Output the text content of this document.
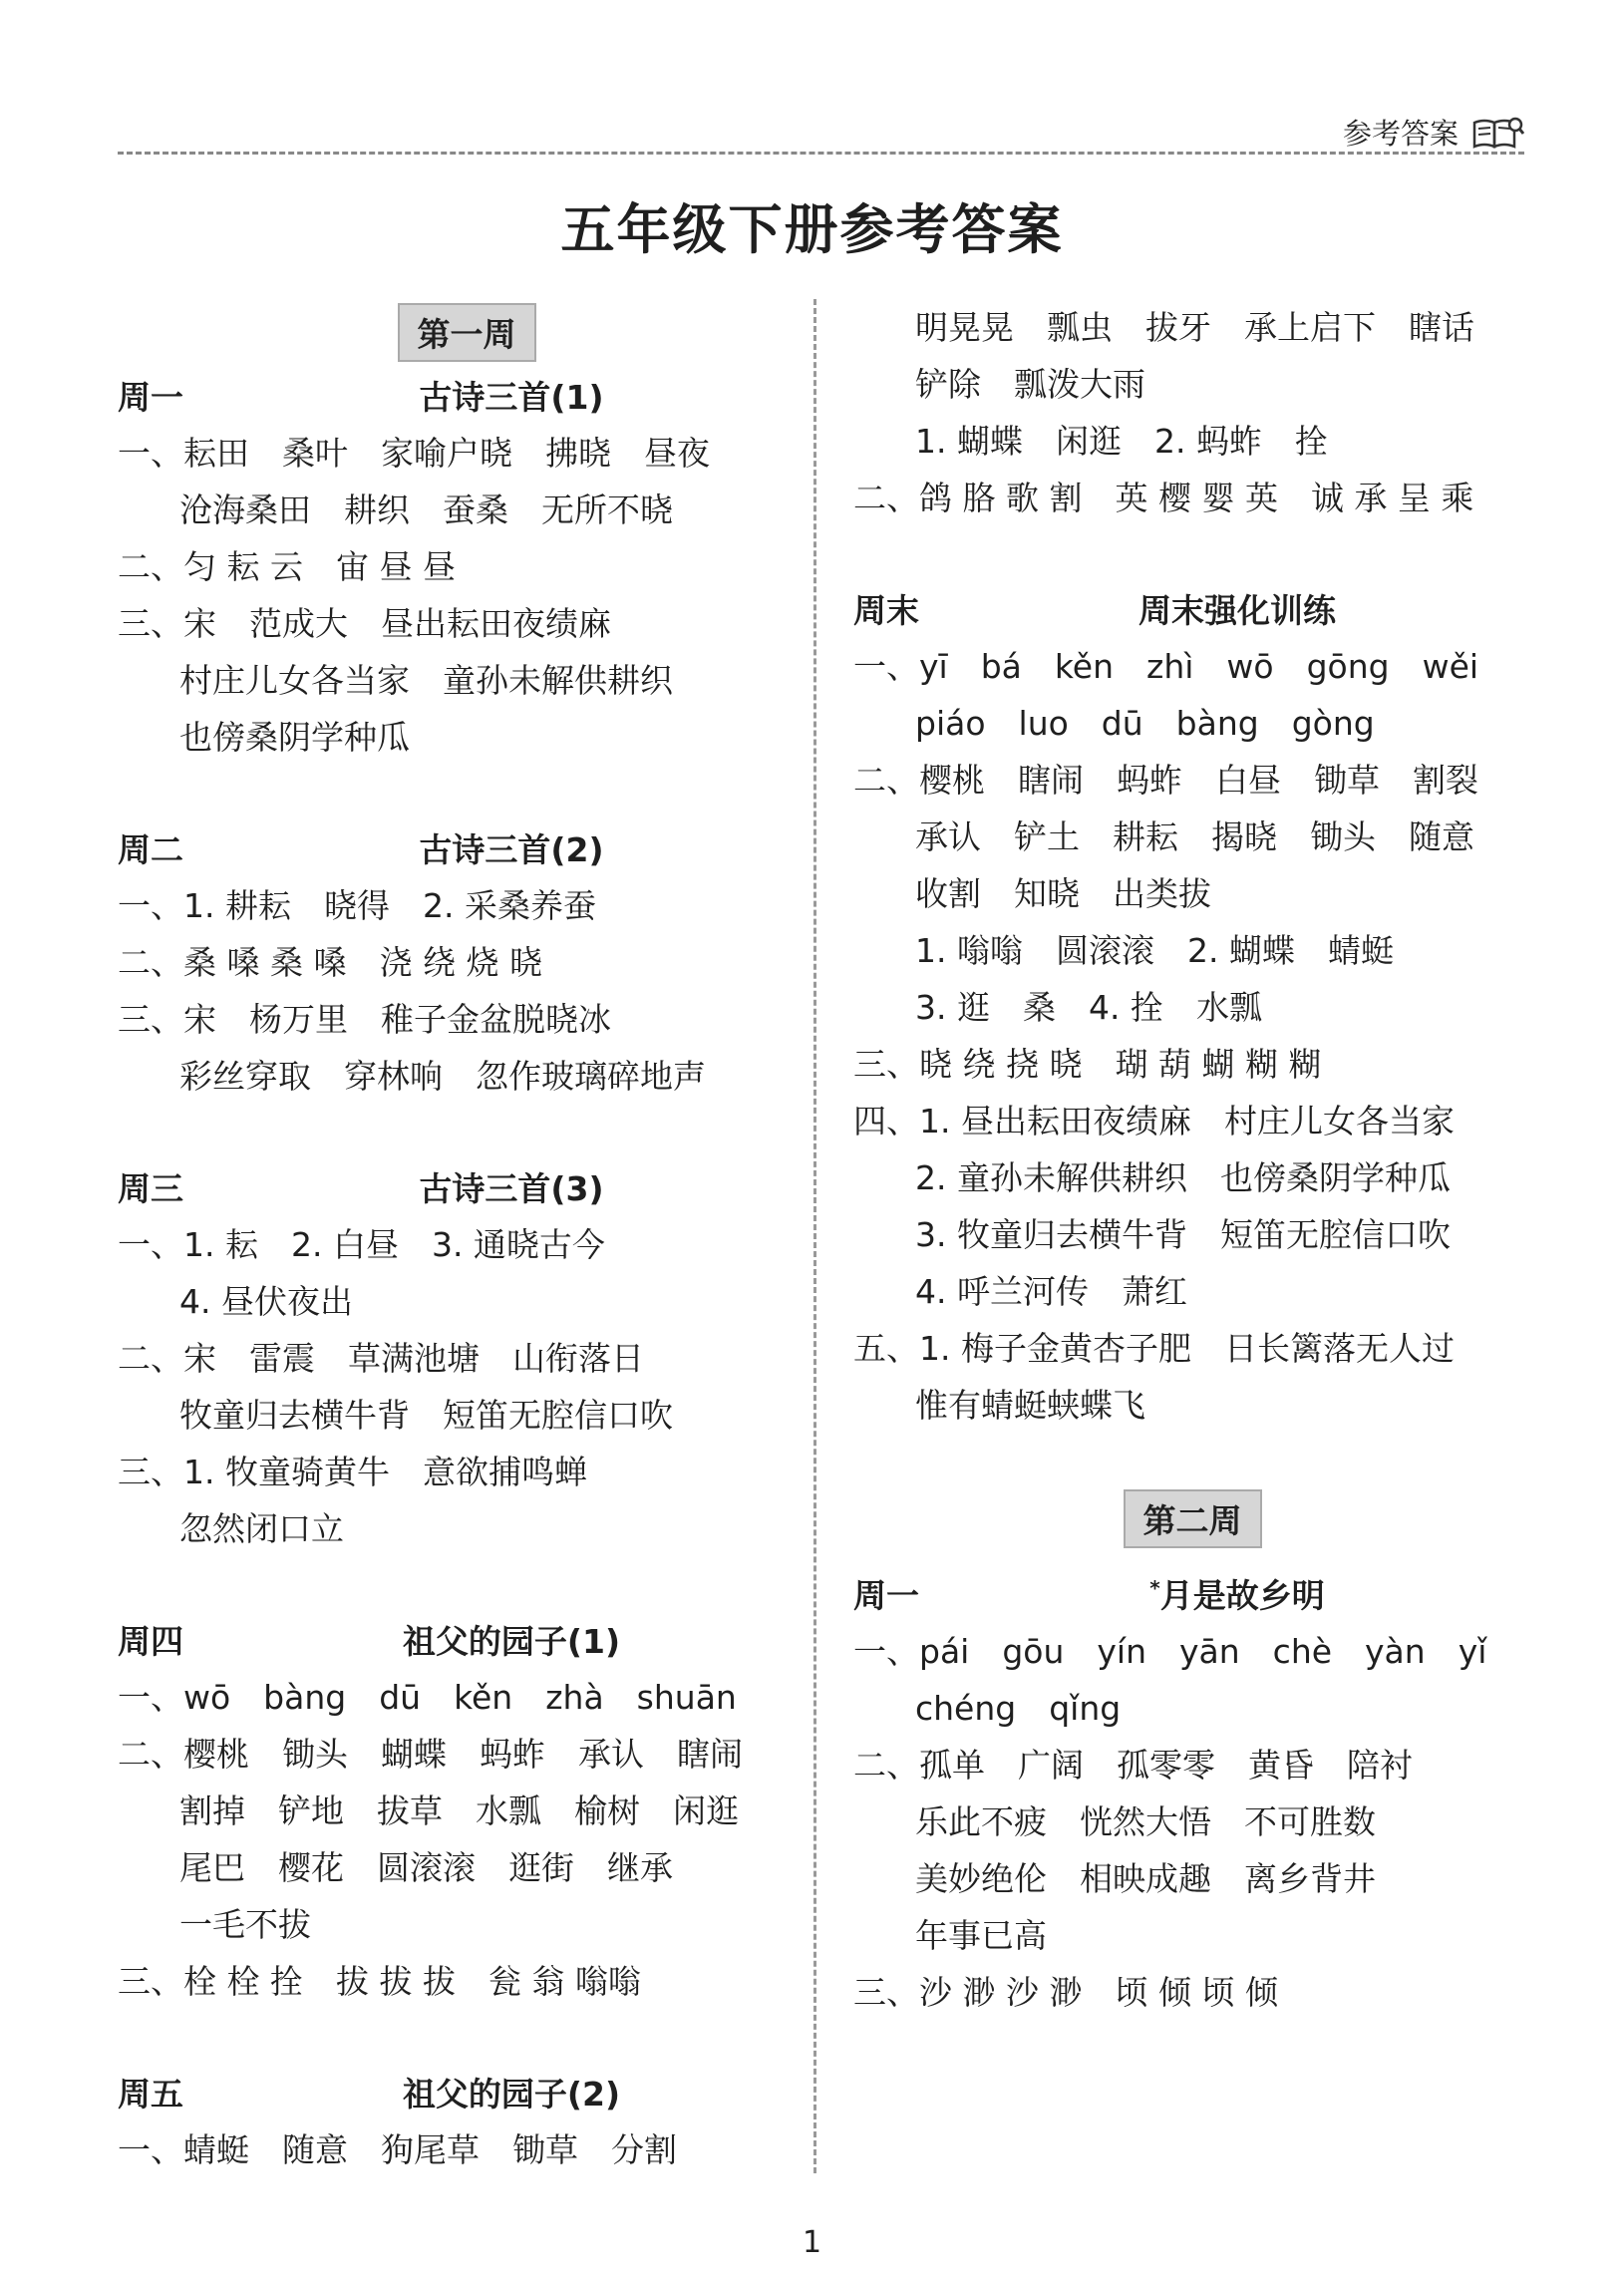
参考答案
五年级下册参考答案
第一周
周一	古诗三首(1)
一、耘田　桑叶　家喻户晓　拂晓　昼夜
沧海桑田　耕织　蚕桑　无所不晓
二、匀 耘 云　宙 昼 昼
三、宋　范成大　昼出耘田夜绩麻
村庄儿女各当家　童孙未解供耕织
也傍桑阴学种瓜
周二	古诗三首(2)
一、1. 耕耘　晓得　2. 采桑养蚕
二、桑 嗓 桑 嗓　浇 绕 烧 晓
三、宋　杨万里　稚子金盆脱晓冰
彩丝穿取　穿林响　忽作玻璃碎地声
周三	古诗三首(3)
一、1. 耘　2. 白昼　3. 通晓古今
4. 昼伏夜出
二、宋　雷震　草满池塘　山衔落日
牧童归去横牛背　短笛无腔信口吹
三、1. 牧童骑黄牛　意欲捕鸣蝉
忽然闭口立
周四	祖父的园子(1)
一、wō　bàng　dū　kěn　zhà　shuān
二、樱桃　锄头　蝴蝶　蚂蚱　承认　瞎闹
割掉　铲地　拔草　水瓢　榆树　闲逛
尾巴　樱花　圆滚滚　逛街　继承
一毛不拔
三、栓 栓 拴　拔 拔 拔　瓮 翁 嗡嗡
周五	祖父的园子(2)
一、蜻蜓　随意　狗尾草　锄草　分割
明晃晃　瓢虫　拔牙　承上启下　瞎话
铲除　瓢泼大雨
1. 蝴蝶　闲逛　2. 蚂蚱　拴
二、鸽 胳 歌 割　英 樱 婴 英　诚 承 呈 乘
周末	周末强化训练
一、yī　bá　kěn　zhì　wō　gōng　wěi
piáo　luo　dū　bàng　gòng
二、樱桃　瞎闹　蚂蚱　白昼　锄草　割裂
承认　铲土　耕耘　揭晓　锄头　随意
收割　知晓　出类拔
1. 嗡嗡　圆滚滚　2. 蝴蝶　蜻蜓
3. 逛　桑　4. 拴　水瓢
三、晓 绕 挠 晓　瑚 葫 蝴 糊 糊
四、1. 昼出耘田夜绩麻　村庄儿女各当家
2. 童孙未解供耕织　也傍桑阴学种瓜
3. 牧童归去横牛背　短笛无腔信口吹
4. 呼兰河传　萧红
五、1. 梅子金黄杏子肥　日长篱落无人过
惟有蜻蜓蛱蝶飞
第二周
周一	*月是故乡明
一、pái　gōu　yín　yān　chè　yàn　yǐ
chéng　qǐng
二、孤单　广阔　孤零零　黄昏　陪衬
乐此不疲　恍然大悟　不可胜数
美妙绝伦　相映成趣　离乡背井
年事已高
三、沙 渺 沙 渺　顷 倾 顷 倾
1
